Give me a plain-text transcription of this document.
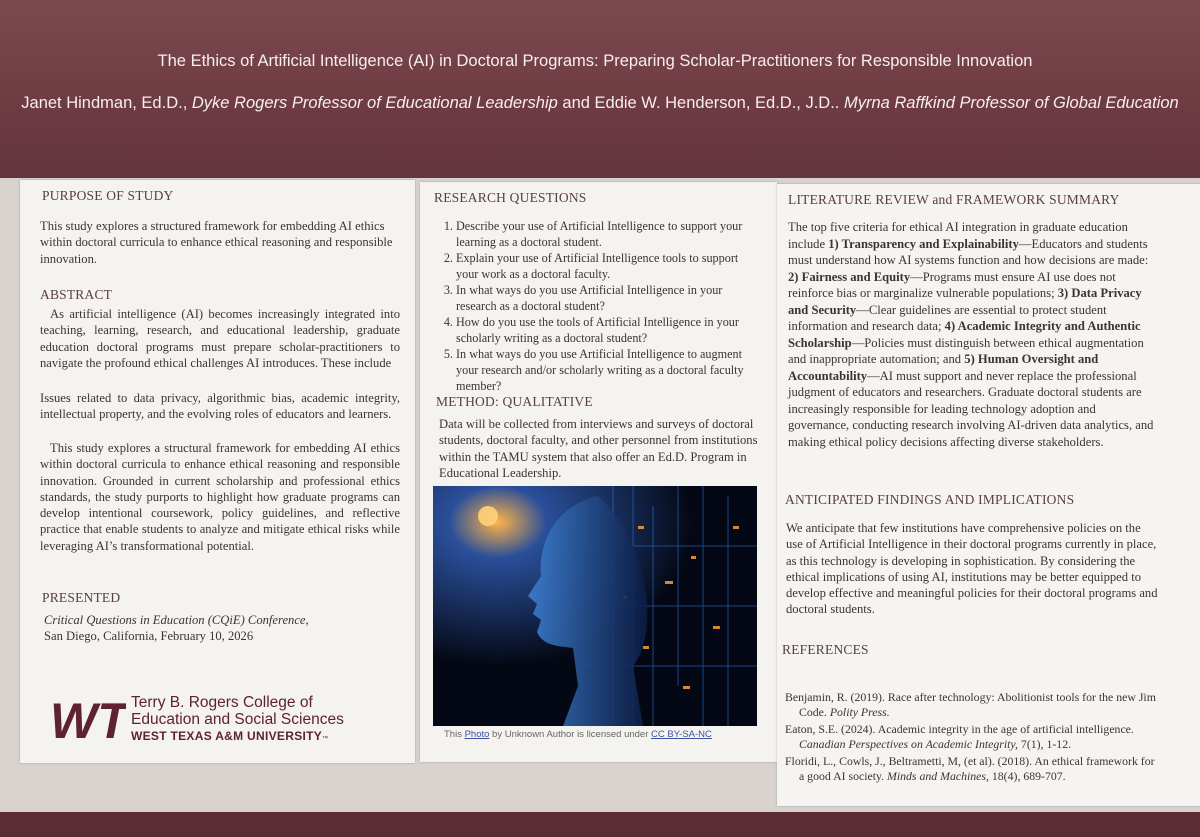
The Ethics of Artificial Intelligence (AI) in Doctoral Programs: Preparing Scholar-Practitioners for Responsible Innovation
Janet Hindman, Ed.D., Dyke Rogers Professor of Educational Leadership and Eddie W. Henderson, Ed.D., J.D.. Myrna Raffkind Professor of Global Education
PURPOSE OF STUDY
This study explores a structured framework for embedding AI ethics within doctoral curricula to enhance ethical reasoning and responsible innovation.
ABSTRACT
As artificial intelligence (AI) becomes increasingly integrated into teaching, learning, research, and educational leadership, graduate education doctoral programs must prepare scholar-practitioners to navigate the profound ethical challenges AI introduces. These include
Issues related to data privacy, algorithmic bias, academic integrity, intellectual property, and the evolving roles of educators and learners.
This study explores a structural framework for embedding AI ethics within doctoral curricula to enhance ethical reasoning and responsible innovation. Grounded in current scholarship and professional ethics standards, the study purports to highlight how graduate programs can develop intentional coursework, policy guidelines, and reflective practice that enable students to analyze and mitigate ethical risks while leveraging AI’s transformational potential.
PRESENTED
Critical Questions in Education (CQiE) Conference,
San Diego, California, February 10, 2026
WT Terry B. Rogers College of
Education and Social Sciences
WEST TEXAS A&M UNIVERSITY™
RESEARCH QUESTIONS
1. Describe your use of Artificial Intelligence to support your learning as a doctoral student.
2. Explain your use of Artificial Intelligence tools to support your work as a doctoral faculty.
3. In what ways do you use Artificial Intelligence in your research as a doctoral student?
4. How do you use the tools of Artificial Intelligence in your scholarly writing as a doctoral student?
5. In what ways do you use Artificial Intelligence to augment your research and/or scholarly writing as a doctoral faculty member?
METHOD: QUALITATIVE
Data will be collected from interviews and surveys of doctoral students, doctoral faculty, and other personnel from institutions within the TAMU system that also offer an Ed.D. Program in Educational Leadership.
This Photo by Unknown Author is licensed under CC BY-SA-NC
LITERATURE REVIEW and FRAMEWORK SUMMARY
The top five criteria for ethical AI integration in graduate education include 1) Transparency and Explainability—Educators and students must understand how AI systems function and how decisions are made: 2) Fairness and Equity—Programs must ensure AI use does not reinforce bias or marginalize vulnerable populations; 3) Data Privacy and Security—Clear guidelines are essential to protect student information and research data; 4) Academic Integrity and Authentic Scholarship—Policies must distinguish between ethical augmentation and inappropriate automation; and 5) Human Oversight and Accountability—AI must support and never replace the professional judgment of educators and researchers. Graduate doctoral students are increasingly responsible for leading technology adoption and governance, conducting research involving AI-driven data analytics, and making ethical policy decisions affecting diverse stakeholders.
ANTICIPATED FINDINGS AND IMPLICATIONS
We anticipate that few institutions have comprehensive policies on the use of Artificial Intelligence in their doctoral programs currently in place, as this technology is developing in sophistication. By considering the ethical implications of using AI, institutions may be better equipped to develop effective and meaningful policies for their doctoral programs and doctoral students.
REFERENCES

Benjamin, R. (2019). Race after technology: Abolitionist tools for the new Jim Code. Polity Press.

Eaton, S.E. (2024). Academic integrity in the age of artificial intelligence. Canadian Perspectives on Academic Integrity, 7(1), 1-12.

Floridi, L., Cowls, J., Beltrametti, M, (et al). (2018). An ethical framework for a good AI society. Minds and Machines, 18(4), 689-707.
